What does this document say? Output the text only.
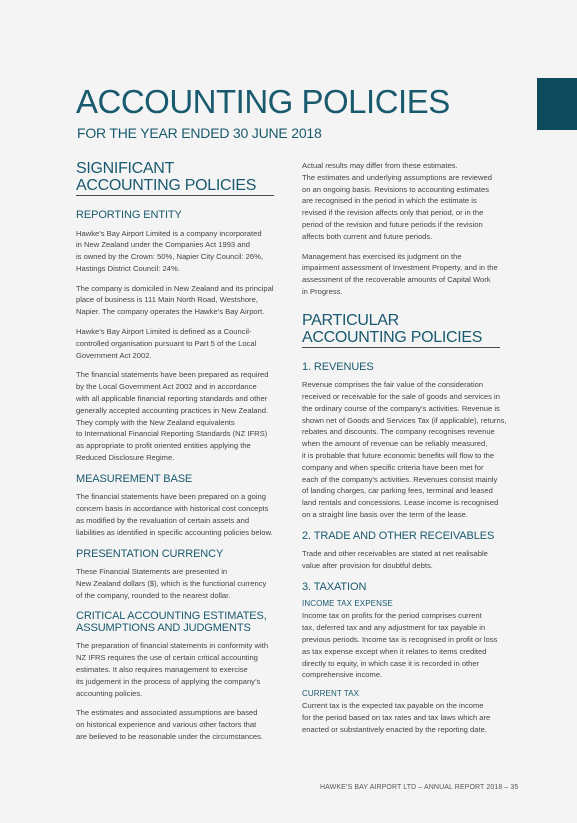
ACCOUNTING POLICIES
FOR THE YEAR ENDED 30 JUNE 2018
SIGNIFICANT
ACCOUNTING POLICIES
REPORTING ENTITY

Hawke’s Bay Airport Limited is a company incorporated
in New Zealand under the Companies Act 1993 and
is owned by the Crown: 50%, Napier City Council: 26%,
Hastings District Council: 24%.

The company is domiciled in New Zealand and its principal
place of business is 111 Main North Road, Westshore,
Napier. The company operates the Hawke’s Bay Airport.

Hawke’s Bay Airport Limited is defined as a Council-
controlled organisation pursuant to Part 5 of the Local
Government Act 2002.

The financial statements have been prepared as required
by the Local Government Act 2002 and in accordance
with all applicable financial reporting standards and other
generally accepted accounting practices in New Zealand.
They comply with the New Zealand equivalents
to International Financial Reporting Standards (NZ IFRS)
as appropriate to profit oriented entities applying the
Reduced Disclosure Regime.

MEASUREMENT BASE

The financial statements have been prepared on a going
concern basis in accordance with historical cost concepts
as modified by the revaluation of certain assets and
liabilities as identified in specific accounting policies below.

PRESENTATION CURRENCY

These Financial Statements are presented in
New Zealand dollars ($), which is the functional currency
of the company, rounded to the nearest dollar.

CRITICAL ACCOUNTING ESTIMATES,
ASSUMPTIONS AND JUDGMENTS

The preparation of financial statements in conformity with
NZ IFRS requires the use of certain critical accounting
estimates. It also requires management to exercise
its judgement in the process of applying the company’s
accounting policies.

The estimates and associated assumptions are based
on historical experience and various other factors that
are believed to be reasonable under the circumstances.

Actual results may differ from these estimates.
The estimates and underlying assumptions are reviewed
on an ongoing basis. Revisions to accounting estimates
are recognised in the period in which the estimate is
revised if the revision affects only that period, or in the
period of the revision and future periods if the revision
affects both current and future periods.

Management has exercised its judgment on the
impairment assessment of Investment Property, and in the
assessment of the recoverable amounts of Capital Work
in Progress.

PARTICULAR
ACCOUNTING POLICIES
1. REVENUES

Revenue comprises the fair value of the consideration
received or receivable for the sale of goods and services in
the ordinary course of the company’s activities. Revenue is
shown net of Goods and Services Tax (if applicable), returns,
rebates and discounts. The company recognises revenue
when the amount of revenue can be reliably measured,
it is probable that future economic benefits will flow to the
company and when specific criteria have been met for
each of the company’s activities. Revenues consist mainly
of landing charges, car parking fees, terminal and leased
land rentals and concessions. Lease income is recognised
on a straight line basis over the term of the lease.

2. TRADE AND OTHER RECEIVABLES

Trade and other receivables are stated at net realisable
value after provision for doubtful debts.

3. TAXATION
INCOME TAX EXPENSE

Income tax on profits for the period comprises current
tax, deferred tax and any adjustment for tax payable in
previous periods. Income tax is recognised in profit or loss
as tax expense except when it relates to items credited
directly to equity, in which case it is recorded in other
comprehensive income.

CURRENT TAX

Current tax is the expected tax payable on the income
for the period based on tax rates and tax laws which are
enacted or substantively enacted by the reporting date.

HAWKE’S BAY AIRPORT LTD – ANNUAL REPORT 2018 – 35
